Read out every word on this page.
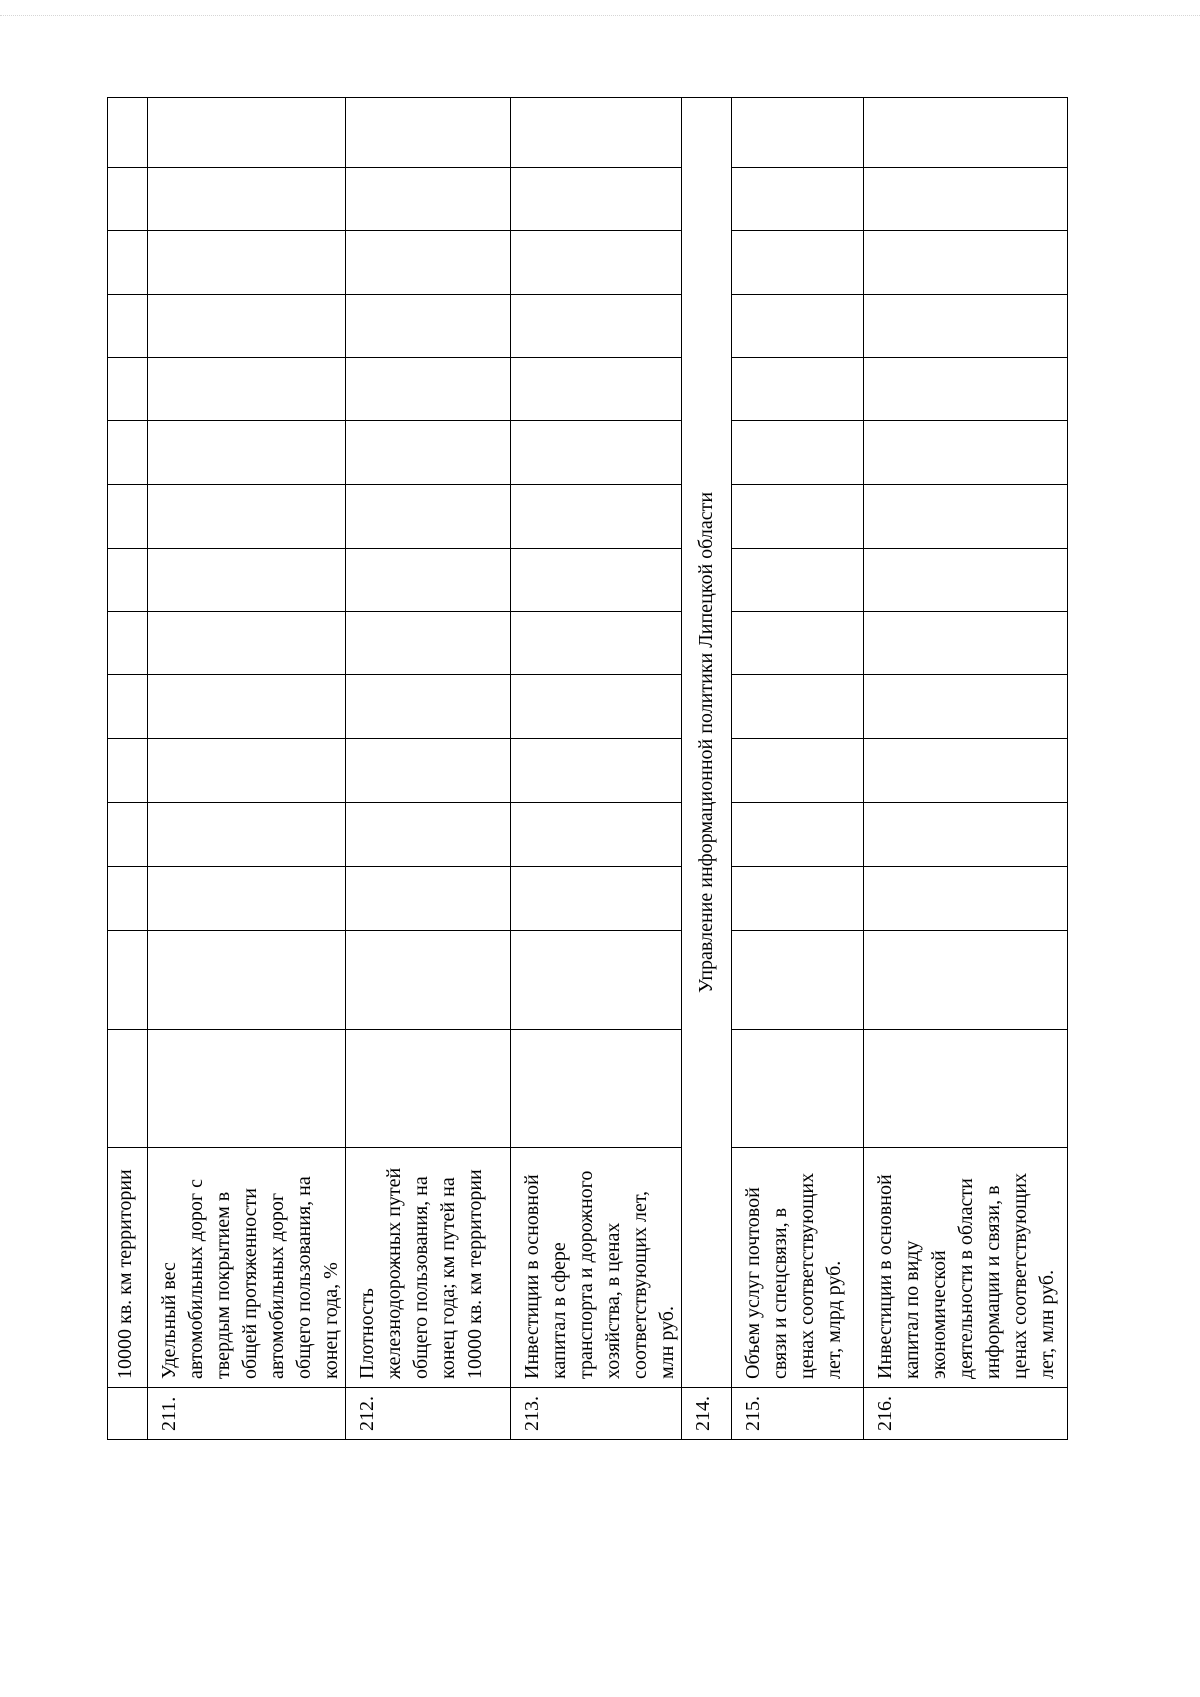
	10000 кв. км территории															

211.	Удельный вес автомобильных дорог с твердым покрытием в общей протяженности автомобильных дорог общего пользования, на конец года, %															

212.	Плотность железнодорожных путей общего пользования, на конец года; км путей на 10000 кв. км территории															

213.	Инвестиции в основной капитал в сфере транспорта и дорожного хозяйства, в ценах соответствующих лет, млн руб.															

214.	Управление информационной политики Липецкой области															
215.	Объем услуг почтовой связи и спецсвязи, в ценах соответствующих лет, млрд руб.															

216.	Инвестиции в основной капитал по виду экономической деятельности в области информации и связи, в ценах соответствующих лет, млн руб.															
